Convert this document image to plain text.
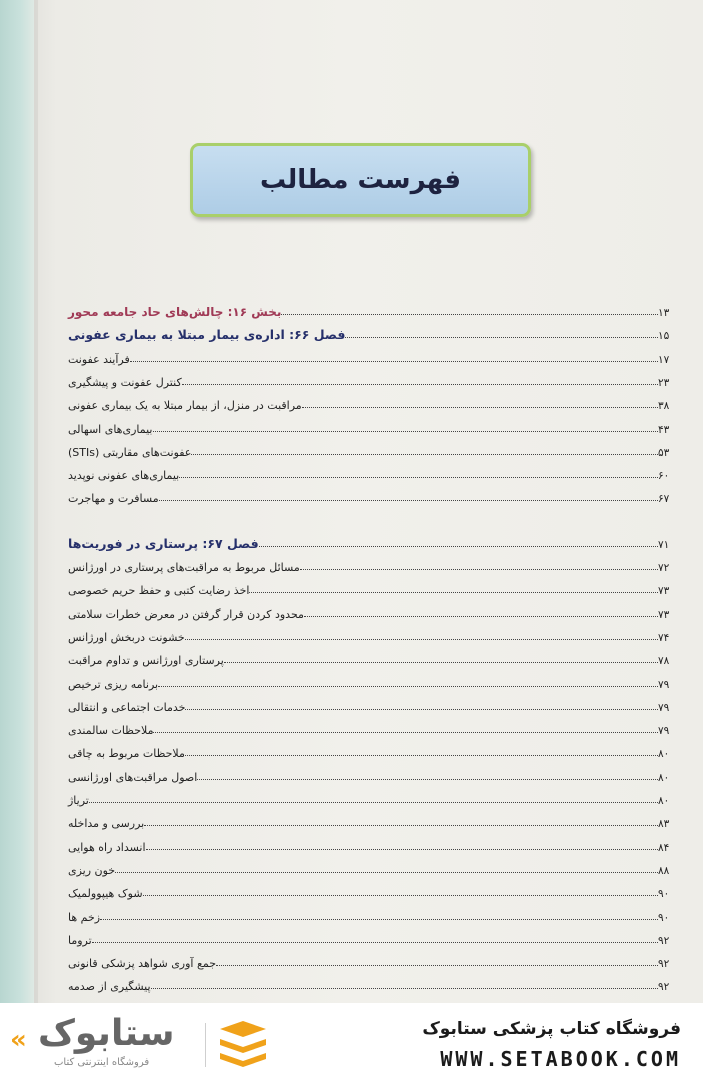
فهرست مطالب
بخش ۱۶: چالش‌های حاد جامعه محور	۱۳
فصل ۶۶: اداره‌ی بیمار مبتلا به بیماری عفونی	۱۵
فرآیند عفونت	۱۷
کنترل عفونت و پیشگیری	۲۳
مراقبت در منزل، از بیمار مبتلا به یک بیماری عفونی	۳۸
بیماری‌های اسهالی	۴۳
عفونت‌های مقاربتی (STIs)	۵۳
بیماری‌های عفونی نوپدید	۶۰
مسافرت و مهاجرت	۶۷
فصل ۶۷: پرستاری در فوریت‌ها	۷۱
مسائل مربوط به مراقبت‌های پرستاری در اورژانس	۷۲
اخذ رضایت کتبی و حفظ حریم خصوصی	۷۳
محدود کردن قرار گرفتن در معرض خطرات سلامتی	۷۳
خشونت دربخش اورژانس	۷۴
پرستاری اورژانس و تداوم مراقبت	۷۸
برنامه ریزی ترخیص	۷۹
خدمات اجتماعی و انتقالی	۷۹
ملاحظات سالمندی	۷۹
ملاحظات مربوط به چاقی	۸۰
اصول مراقبت‌های اورژانسی	۸۰
ترياژ	۸۰
بررسی و مداخله	۸۳
انسداد راه هوایی	۸۴
خون ریزی	۸۸
شوک هیپوولمیک	۹۰
زخم ها	۹۰
تروما	۹۲
جمع آوری شواهد پزشکی قانونی	۹۲
پیشگیری از صدمه	۹۲
« ستابوک
فروشگاه اینترنتی کتاب
فروشگاه کتاب پزشکی ستابوک
WWW.SETABOOK.COM
